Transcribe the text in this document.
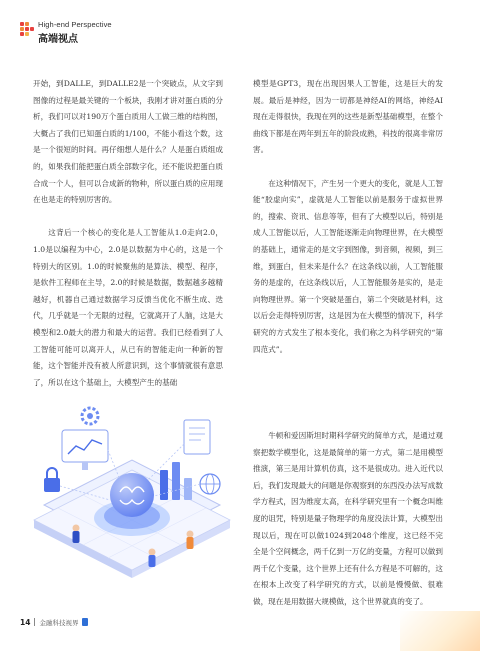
High-end Perspective
高端视点

开始，到DALLE，到DALLE2是一个突破点，从文字到图像的过程是最关键的一个板块，我刚才讲对蛋白质的分析，我们可以对190万个蛋白质用人工做三维的结构图，大概占了我们已知蛋白质的1/100，不能小看这个数，这是一个很短的时间。再仔细想人是什么？人是蛋白质组成的，如果我们能把蛋白质全部数字化，还不能说把蛋白质合成一个人，但可以合成新的物种，所以蛋白质的应用现在也是走的特别厉害的。

这背后一个核心的变化是人工智能从1.0走向2.0，1.0是以编程为中心，2.0是以数据为中心的，这是一个特别大的区别。1.0的时候聚焦的是算法、模型、程序，是软件工程师在主导，2.0的时候是数据，数据越多越精越好，机器自己通过数据学习反馈当优化不断生成、迭代，几乎就是一个无限的过程，它就离开了人脑，这是大模型和2.0最大的潜力和最大的运营。我们已经看到了人工智能可能可以离开人，从已有的智能走向一种新的智能，这个智能并没有被人所意识到，这个事情就很有意思了，所以在这个基础上，大模型产生的基础

模型是GPT3，现在出现因果人工智能，这是巨大的发展。最后是神经，因为一切都是神经AI的网络，神经AI现在走得很快，我现在列的这些是新型基础模型，在整个曲线下都是在两年到五年的阶段成熟，科技的很离非常厉害。

在这种情况下，产生另一个更大的变化，就是人工智能“胶虚向实”，虚就是人工智能以前是服务于虚拟世界的，搜索、资讯、信息等等，但有了大模型以后，特别是成人工智能以后，人工智能逐渐走向物理世界，在大模型的基础上，通常走的是文字到图像，到音频，视频，到三维，到蛋白，但未来是什么？在这条线以前，人工智能服务的是虚的，在这条线以后，人工智能服务是实的，是走向物理世界。第一个突破是蛋白，第二个突破是材料，这以后会走得特别厉害，这是因为在大模型的情况下，科学研究的方式发生了根本变化，我们称之为科学研究的“第四范式”。

牛顿和爱因斯坦时期科学研究的简单方式，是通过观察把数学模型化，这是最简单的第一方式，第二是用模型推演，第三是用计算机仿真，这不是很成功。进入近代以后，我们发现最大的问题是你观察到的东西没办法写成数学方程式，因为维度太高，在科学研究里有一个概念叫维度的诅咒，特别是量子物理学的角度没法计算，大模型出现以后，现在可以做1024到2048个维度，这已经不完全是个空间概念，两千亿到一万亿的变量，方程可以做到两千亿个变量，这个世界上还有什么方程是不可解的，这在根本上改变了科学研究的方式，以前是慢慢做、很难做，现在是用数据大规模做，这个世界就真的变了。

14 金融科技视界
